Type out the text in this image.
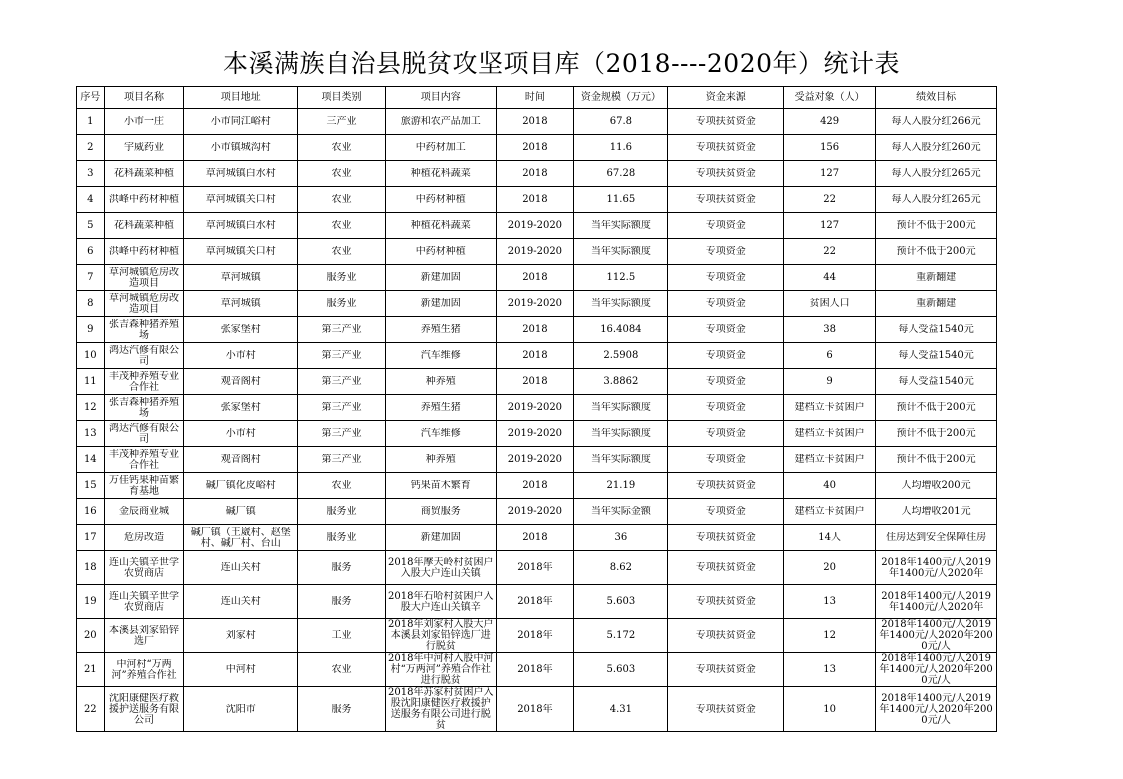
本溪满族自治县脱贫攻坚项目库（2018----2020年）统计表
序号	项目名称	项目地址	项目类别	项目内容	时间	资金规模（万元）	资金来源	受益对象（人）	绩效目标

1	小市一庄	小市同江峪村	三产业	旅游和农产品加工	2018	67.8	专项扶贫资金	429	每人入股分红266元

2	宇威药业	小市镇城沟村	农业	中药材加工	2018	11.6	专项扶贫资金	156	每人入股分红260元

3	花科蔬菜种植	草河城镇白水村	农业	种植花科蔬菜	2018	67.28	专项扶贫资金	127	每人入股分红265元

4	洪峰中药材种植	草河城镇关口村	农业	中药材种植	2018	11.65	专项扶贫资金	22	每人入股分红265元

5	花科蔬菜种植	草河城镇白水村	农业	种植花科蔬菜	2019-2020	当年实际额度	专项资金	127	预计不低于200元

6	洪峰中药材种植	草河城镇关口村	农业	中药材种植	2019-2020	当年实际额度	专项资金	22	预计不低于200元

7	草河城镇危房改造项目	草河城镇	服务业	新建加固	2018	112.5	专项资金	44	重新翻建

8	草河城镇危房改造项目	草河城镇	服务业	新建加固	2019-2020	当年实际额度	专项资金	贫困人口	重新翻建

9	张吉森种猪养殖场	张家堡村	第三产业	养殖生猪	2018	16.4084	专项资金	38	每人受益1540元

10	鸿达汽修有限公司	小市村	第三产业	汽车维修	2018	2.5908	专项资金	6	每人受益1540元

11	丰茂种养殖专业合作社	观音阁村	第三产业	种养殖	2018	3.8862	专项资金	9	每人受益1540元

12	张吉森种猪养殖场	张家堡村	第三产业	养殖生猪	2019-2020	当年实际额度	专项资金	建档立卡贫困户	预计不低于200元

13	鸿达汽修有限公司	小市村	第三产业	汽车维修	2019-2020	当年实际额度	专项资金	建档立卡贫困户	预计不低于200元

14	丰茂种养殖专业合作社	观音阁村	第三产业	种养殖	2019-2020	当年实际额度	专项资金	建档立卡贫困户	预计不低于200元

15	万佳钙果种苗繁育基地	碱厂镇化皮峪村	农业	钙果苗木繁育	2018	21.19	专项扶贫资金	40	人均增收200元

16	金辰商业城	碱厂镇	服务业	商贸服务	2019-2020	当年实际金额	专项资金	建档立卡贫困户	人均增收201元

17	危房改造	碱厂镇（王崴村、赵堡村、碱厂村、台山	服务业	新建加固	2018	36	专项扶贫资金	14人	住房达到安全保障住房

18	连山关镇辛世学农贸商店	连山关村	服务	2018年摩天岭村贫困户入股大户连山关镇	2018年	8.62	专项扶贫资金	20	2018年1400元/人2019年1400元/人2020年

19	连山关镇辛世学农贸商店	连山关村	服务	2018年石哈村贫困户入股大户连山关镇辛	2018年	5.603	专项扶贫资金	13	2018年1400元/人2019年1400元/人2020年

20	本溪县刘家铅锌选厂	刘家村	工业	2018年刘家村入股大户本溪县刘家铅锌选厂进行脱贫	2018年	5.172	专项扶贫资金	12	2018年1400元/人2019年1400元/人2020年2000元/人

21	中河村“万两河”养殖合作社	中河村	农业	2018年中河村入股中河村“万两河”养殖合作社进行脱贫	2018年	5.603	专项扶贫资金	13	2018年1400元/人2019年1400元/人2020年2000元/人

22	沈阳康健医疗救援护送服务有限公司	沈阳市	服务	2018年苏家村贫困户入股沈阳康健医疗救援护送服务有限公司进行脱贫	2018年	4.31	专项扶贫资金	10	2018年1400元/人2019年1400元/人2020年2000元/人
